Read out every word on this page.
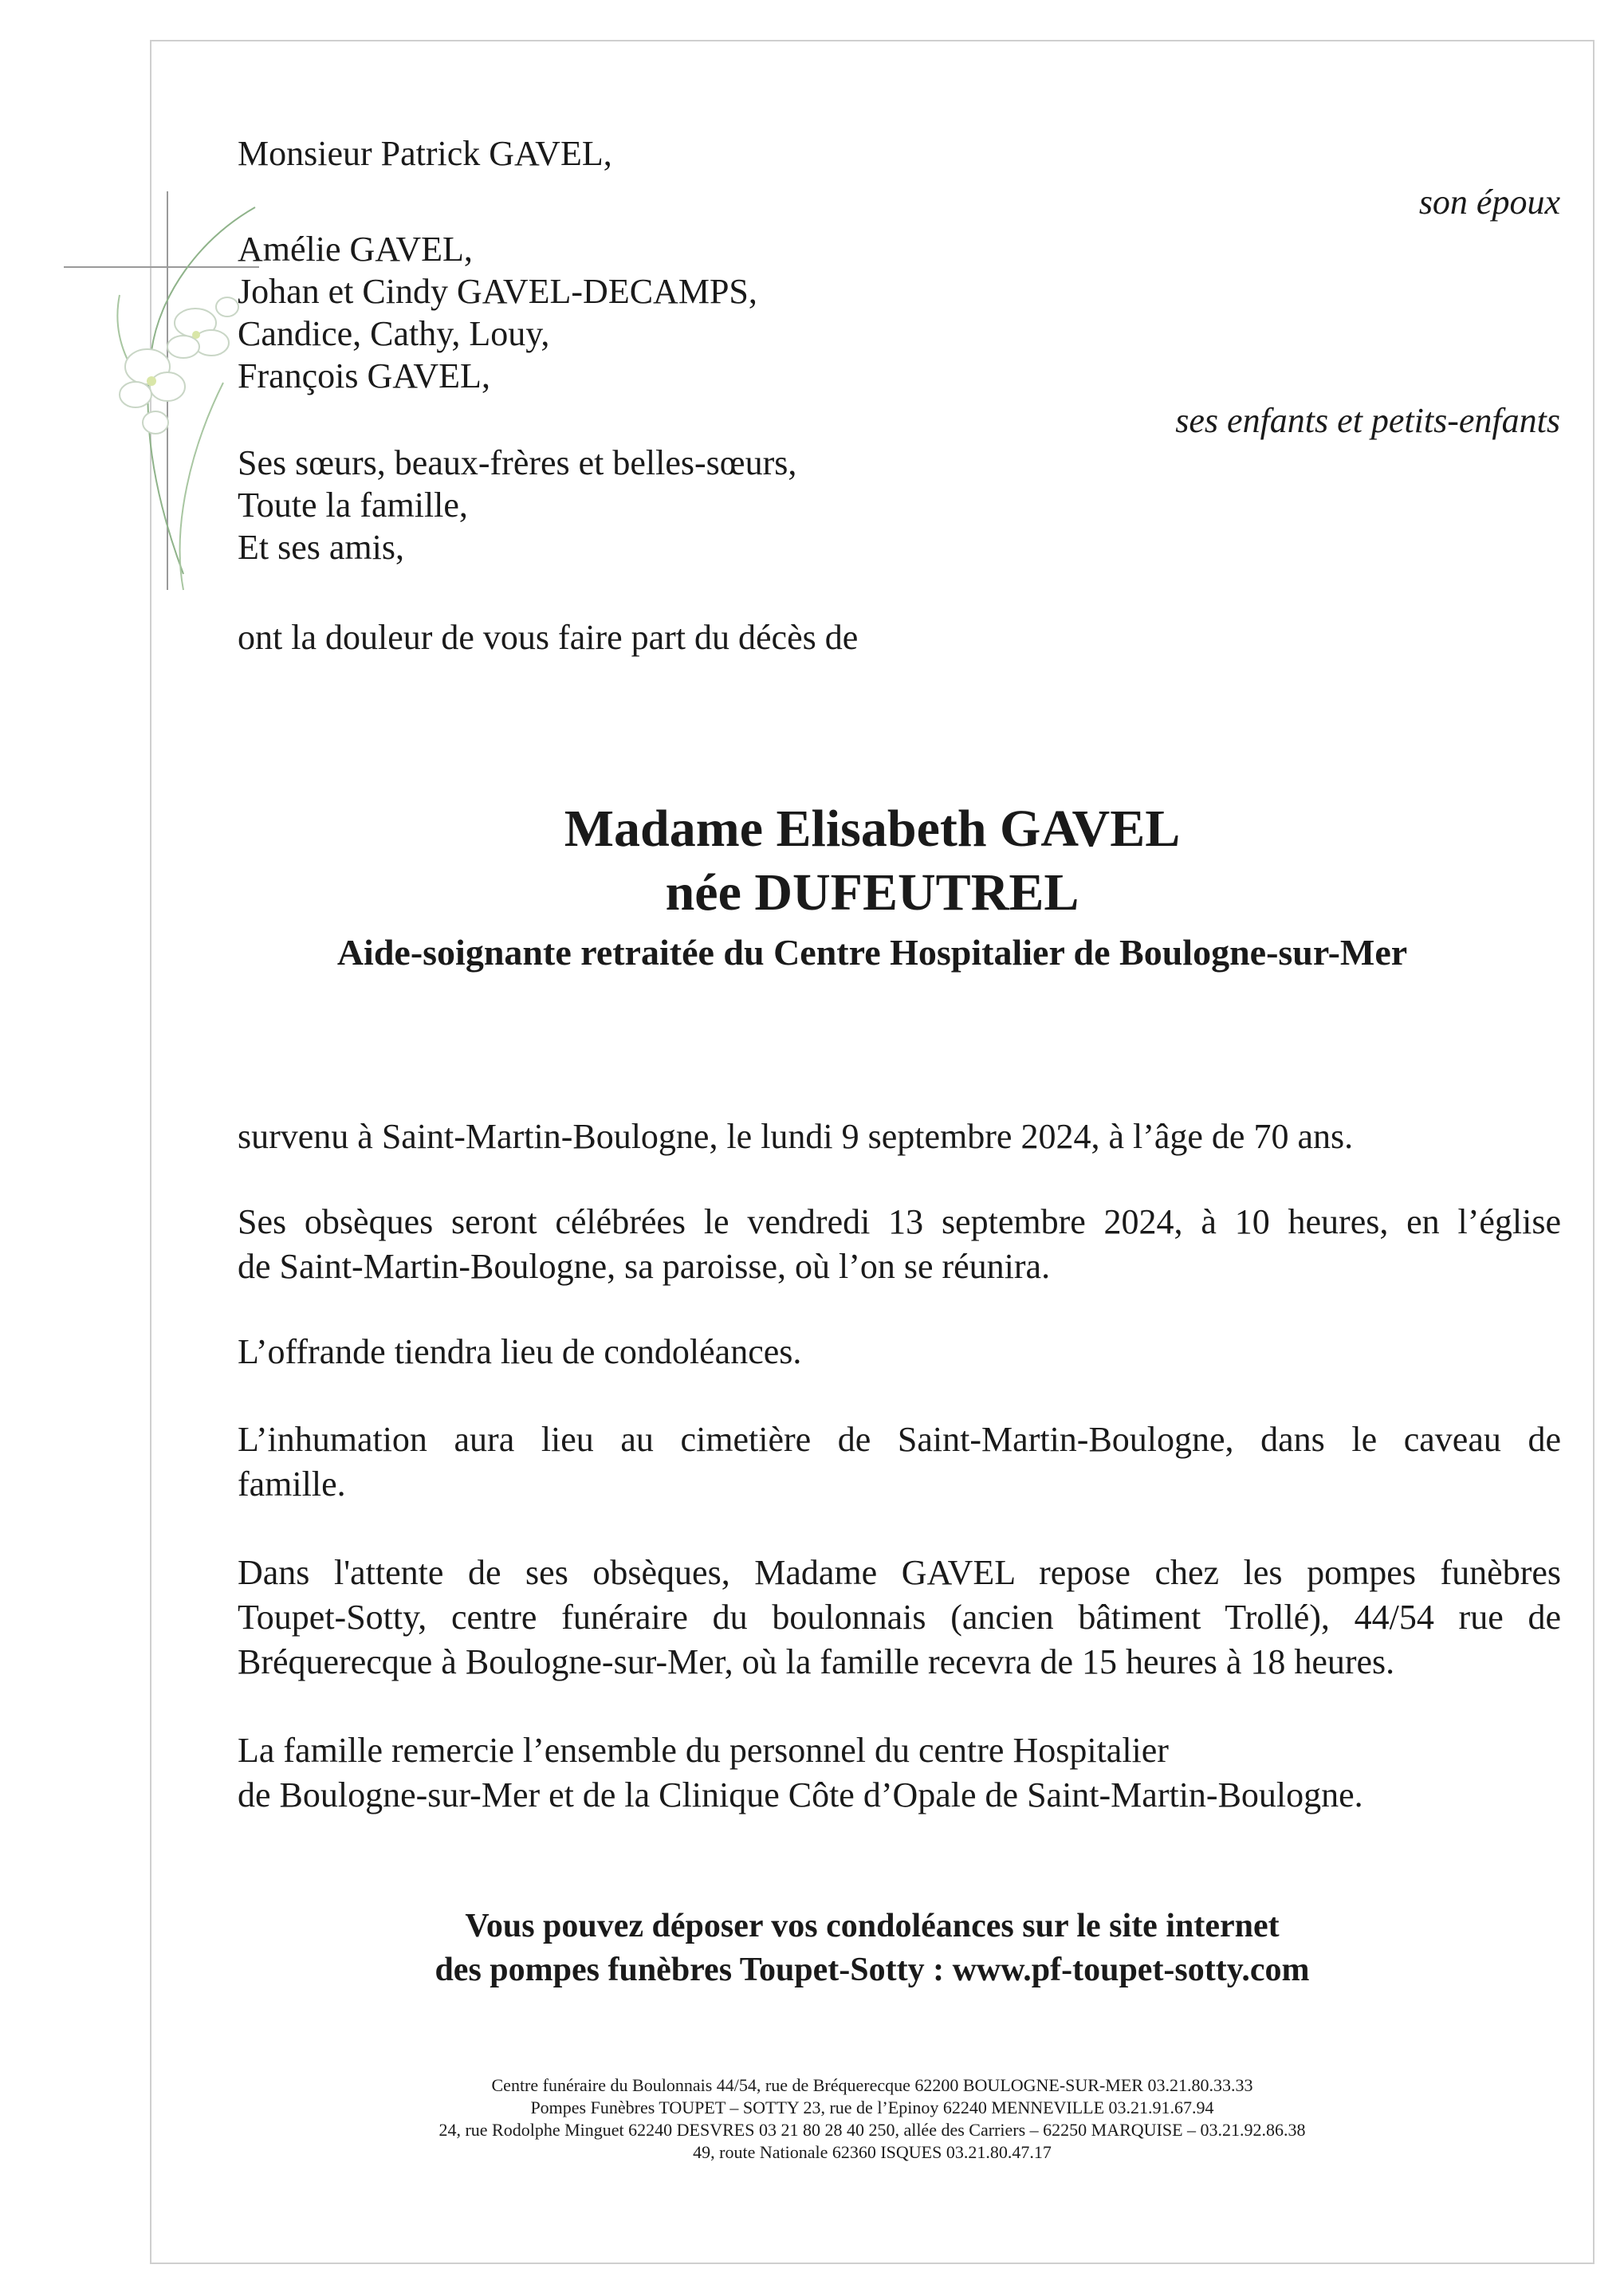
Monsieur Patrick GAVEL,
son époux
Amélie GAVEL,
Johan et Cindy GAVEL-DECAMPS,
Candice, Cathy, Louy,
François GAVEL,
ses enfants et petits-enfants
Ses sœurs, beaux-frères et belles-sœurs,
Toute la famille,
Et ses amis,
ont la douleur de vous faire part du décès de
Madame Elisabeth GAVEL
née DUFEUTREL
Aide-soignante retraitée du Centre Hospitalier de Boulogne-sur-Mer
survenu à Saint-Martin-Boulogne, le lundi 9 septembre 2024, à l’âge de 70 ans.
Ses obsèques seront célébrées le vendredi 13 septembre 2024, à 10 heures, en l’église
de Saint-Martin-Boulogne, sa paroisse, où l’on se réunira.
L’offrande tiendra lieu de condoléances.
L’inhumation aura lieu au cimetière de Saint-Martin-Boulogne, dans le caveau de
famille.
Dans l'attente de ses obsèques, Madame GAVEL repose chez les pompes funèbres
Toupet-Sotty, centre funéraire du boulonnais (ancien bâtiment Trollé), 44/54 rue de
Bréquerecque à Boulogne-sur-Mer, où la famille recevra de 15 heures à 18 heures.
La famille remercie l’ensemble du personnel du centre Hospitalier
de Boulogne-sur-Mer et de la Clinique Côte d’Opale de Saint-Martin-Boulogne.
Vous pouvez déposer vos condoléances sur le site internet
des pompes funèbres Toupet-Sotty : www.pf-toupet-sotty.com
Centre funéraire du Boulonnais 44/54, rue de Bréquerecque 62200 BOULOGNE-SUR-MER 03.21.80.33.33
Pompes Funèbres TOUPET – SOTTY 23, rue de l’Epinoy 62240 MENNEVILLE 03.21.91.67.94
24, rue Rodolphe Minguet 62240 DESVRES 03 21 80 28 40 250, allée des Carriers – 62250 MARQUISE – 03.21.92.86.38
49, route Nationale 62360 ISQUES 03.21.80.47.17
